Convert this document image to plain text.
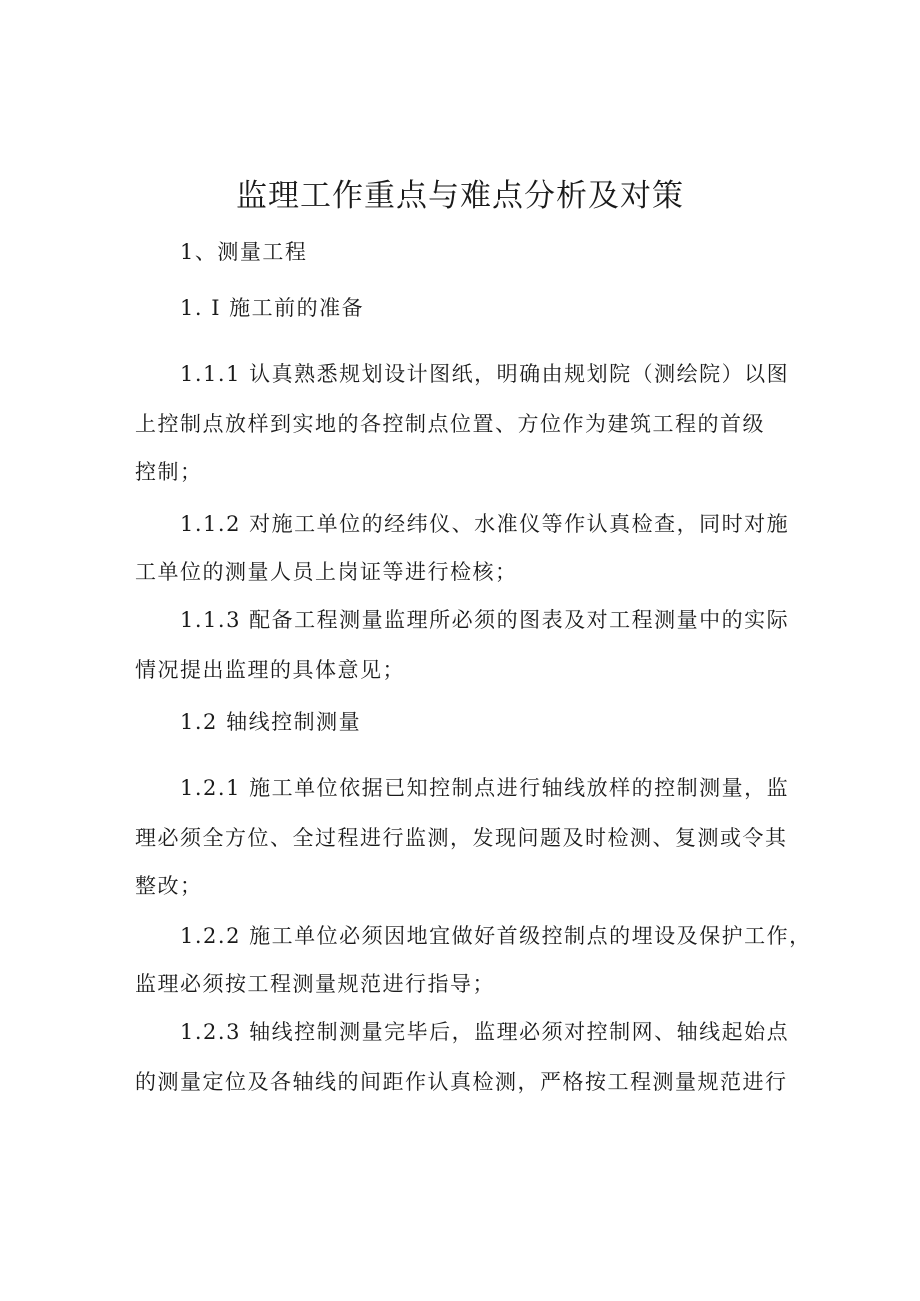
监理工作重点与难点分析及对策

1、测量工程

1. I 施工前的准备

1.1.1 认真熟悉规划设计图纸，明确由规划院（测绘院）以图

上控制点放样到实地的各控制点位置、方位作为建筑工程的首级

控制；

1.1.2 对施工单位的经纬仪、水准仪等作认真检查，同时对施

工单位的测量人员上岗证等进行检核；

1.1.3 配备工程测量监理所必须的图表及对工程测量中的实际

情况提出监理的具体意见；

1.2 轴线控制测量

1.2.1 施工单位依据已知控制点进行轴线放样的控制测量，监

理必须全方位、全过程进行监测，发现问题及时检测、复测或令其

整改；

1.2.2 施工单位必须因地宜做好首级控制点的埋设及保护工作，

监理必须按工程测量规范进行指导；

1.2.3 轴线控制测量完毕后，监理必须对控制网、轴线起始点

的测量定位及各轴线的间距作认真检测，严格按工程测量规范进行
